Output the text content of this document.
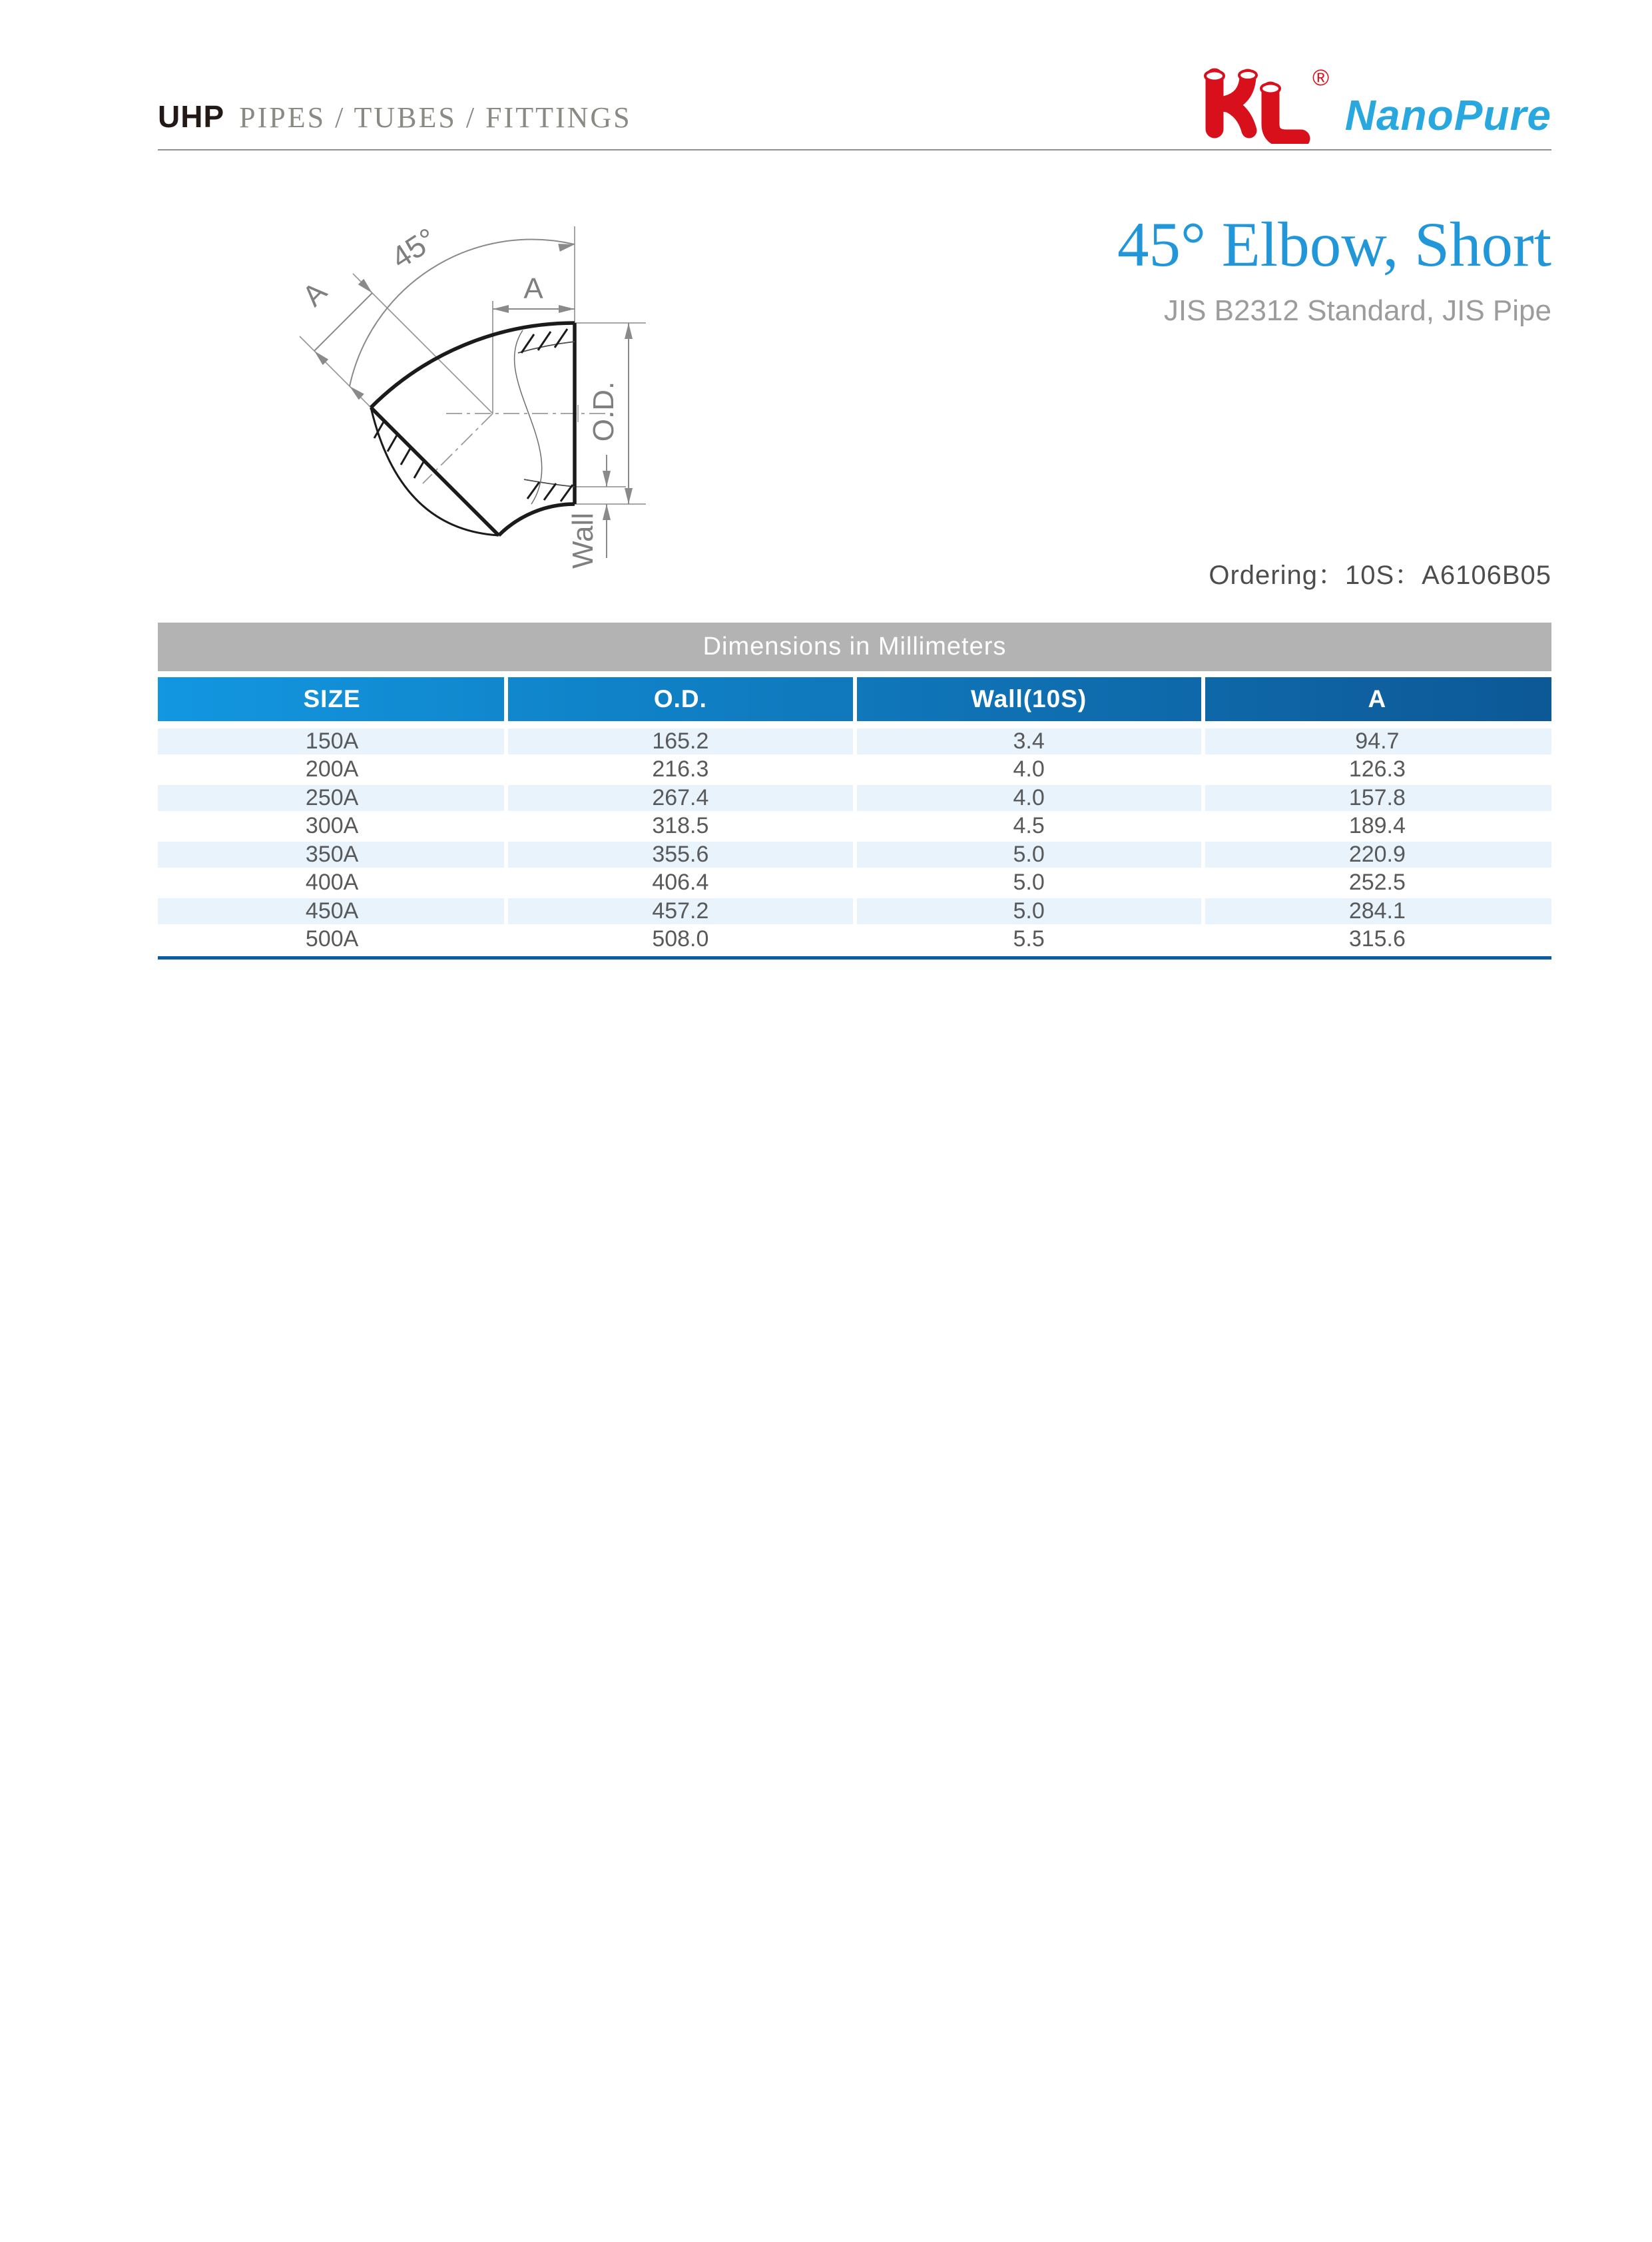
UHP PIPES / TUBES / FITTINGS
®
NanoPure
45° Elbow, Short
JIS B2312 Standard, JIS Pipe
Ordering：10S：A6106B05
A
A
45°
O.D.
Wall
Dimensions in Millimeters
SIZE	O.D.	Wall(10S)	A
150A	165.2	3.4	94.7
200A	216.3	4.0	126.3
250A	267.4	4.0	157.8
300A	318.5	4.5	189.4
350A	355.6	5.0	220.9
400A	406.4	5.0	252.5
450A	457.2	5.0	284.1
500A	508.0	5.5	315.6
